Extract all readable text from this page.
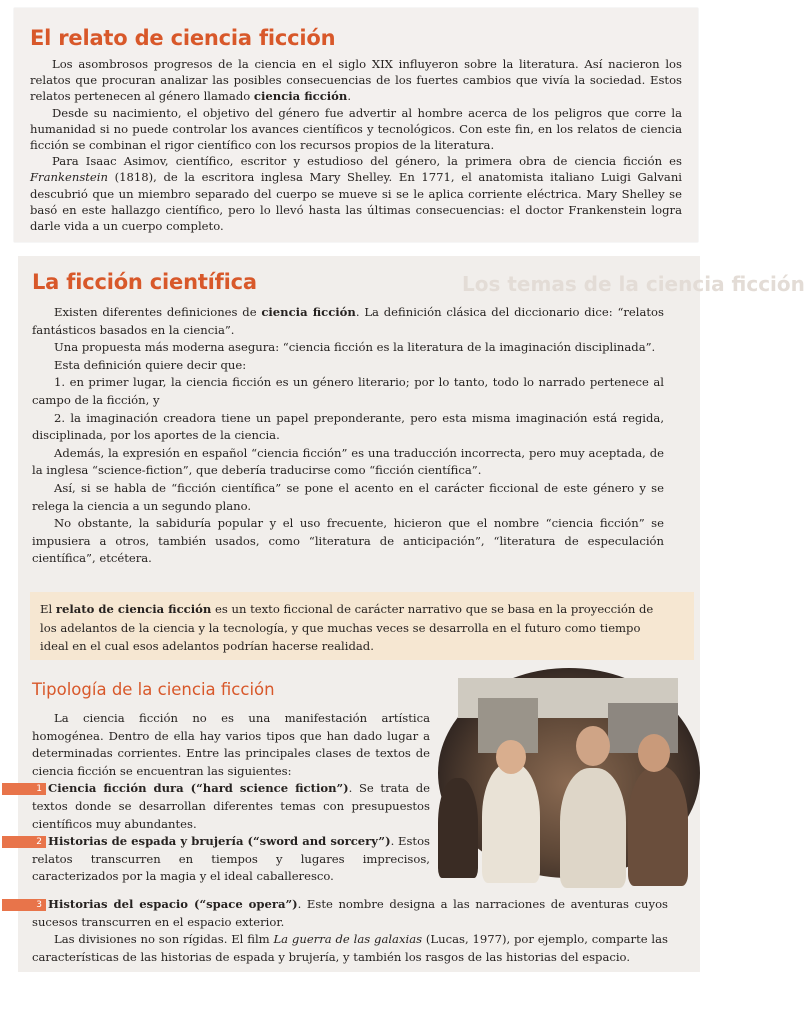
Los temas de la ciencia ficción
El relato de ciencia ficción

Los asombrosos progresos de la ciencia en el siglo XIX influyeron sobre la literatura. Así nacieron los relatos que procuran analizar las posibles consecuencias de los fuertes cambios que vivía la sociedad. Estos relatos pertenecen al género llamado ciencia ficción.

Desde su nacimiento, el objetivo del género fue advertir al hombre acerca de los peligros que corre la humanidad si no puede controlar los avances científicos y tecnológicos. Con este fin, en los relatos de ciencia ficción se combinan el rigor científico con los recursos propios de la literatura.

Para Isaac Asimov, científico, escritor y estudioso del género, la primera obra de ciencia ficción es Frankenstein (1818), de la escritora inglesa Mary Shelley. En 1771, el anatomista italiano Luigi Galvani descubrió que un miembro separado del cuerpo se mueve si se le aplica corriente eléctrica. Mary Shelley se basó en este hallazgo científico, pero lo llevó hasta las últimas consecuencias: el doctor Frankenstein logra darle vida a un cuerpo completo.

La ficción científica

Existen diferentes definiciones de ciencia ficción. La definición clásica del diccionario dice: “relatos fantásticos basados en la ciencia”.

Una propuesta más moderna asegura: “ciencia ficción es la literatura de la imaginación disciplinada”.

Esta definición quiere decir que:

1. en primer lugar, la ciencia ficción es un género literario; por lo tanto, todo lo narrado pertenece al campo de la ficción, y

2. la imaginación creadora tiene un papel preponderante, pero esta misma imaginación está regida, disciplinada, por los aportes de la ciencia.

Además, la expresión en español “ciencia ficción” es una traducción incorrecta, pero muy aceptada, de la inglesa “science-fiction”, que debería traducirse como “ficción científica”.

Así, si se habla de “ficción científica” se pone el acento en el carácter ficcional de este género y se relega la ciencia a un segundo plano.

No obstante, la sabiduría popular y el uso frecuente, hicieron que el nombre “ciencia ficción” se impusiera a otros, también usados, como “literatura de anticipación”, “literatura de especulación científica”, etcétera.

El relato de ciencia ficción es un texto ficcional de carácter narrativo que se basa en la proyección de los adelantos de la ciencia y la tecnología, y que muchas veces se desarrolla en el futuro como tiempo ideal en el cual esos adelantos podrían hacerse realidad.
Tipología de la ciencia ficción

La ciencia ficción no es una manifestación artística homogénea. Dentro de ella hay varios tipos que han dado lugar a determinadas corrientes. Entre las principales clases de textos de ciencia ficción se encuentran las siguientes:

1 Ciencia ficción dura (“hard science fiction”). Se trata de textos donde se desarrollan diferentes temas con presupuestos científicos muy abundantes.

2 Historias de espada y brujería (“sword and sorcery”). Estos relatos transcurren en tiempos y lugares imprecisos, caracterizados por la magia y el ideal caballeresco.

3 Historias del espacio (“space opera”). Este nombre designa a las narraciones de aventuras cuyos sucesos transcurren en el espacio exterior.

Las divisiones no son rígidas. El film La guerra de las galaxias (Lucas, 1977), por ejemplo, comparte las características de las historias de espada y brujería, y también los rasgos de las historias del espacio.
